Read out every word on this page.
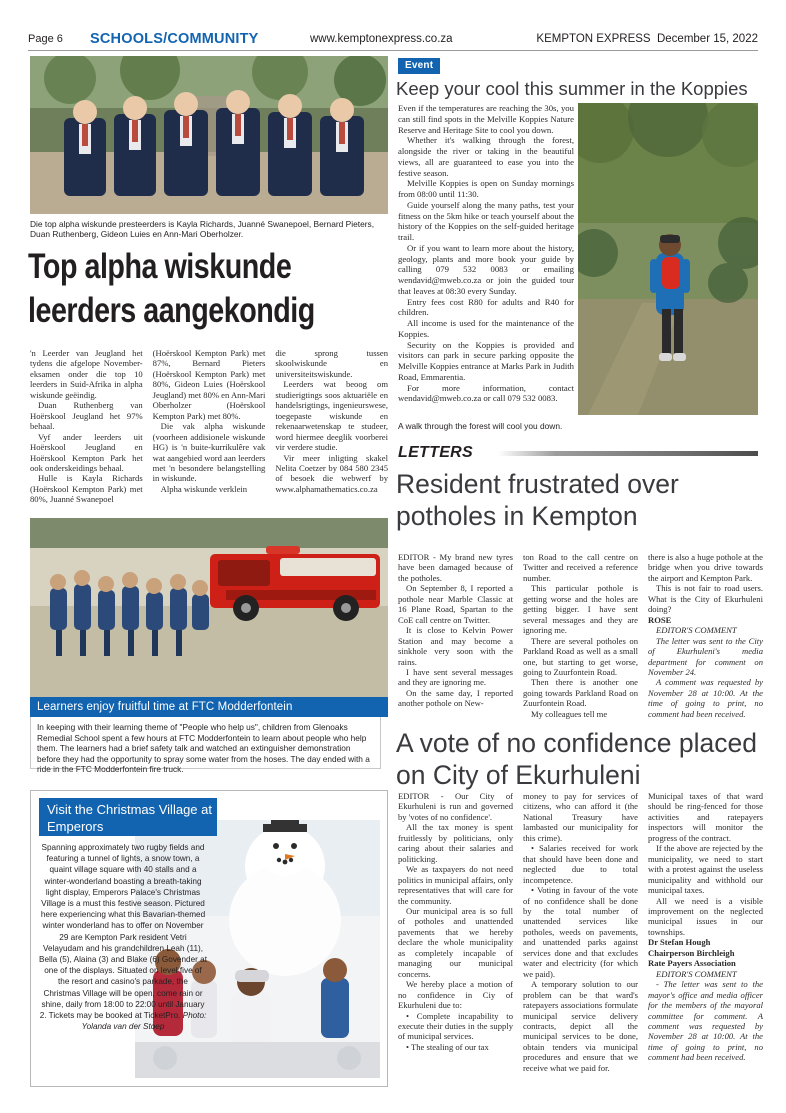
Page 6	SCHOOLS/COMMUNITY	www.kemptonexpress.co.za	KEMPTON EXPRESS December 15, 2022
Die top alpha wiskunde presteerders is Kayla Richards, Juanné Swanepoel, Bernard Pieters, Duan Ruthenberg, Gideon Luies en Ann-Mari Oberholzer.
Top alpha wiskunde leerders aangekondig

'n Leerder van Jeugland het tydens die afgelope November-eksamen onder die top 10 leerders in Suid-Afrika in alpha wiskunde geëindig.

Duan Ruthenberg van Hoërskool Jeugland het 97% behaal.

Vyf ander leerders uit Hoërskool Jeugland en Hoërskool Kempton Park het ook onderskeidings behaal.

Hulle is Kayla Richards (Hoërskool Kempton Park) met 80%, Juanné Swanepoel

(Hoërskool Kempton Park) met 87%, Bernard Pieters (Hoërskool Kempton Park) met 80%, Gideon Luies (Hoërskool Jeugland) met 80% en Ann-Mari Oberholzer (Hoërskool Kempton Park) met 80%.

Die vak alpha wiskunde (voorheen addisionele wiskunde HG) is 'n buite-kurrikulêre vak wat aangebied word aan leerders met 'n besondere belangstelling in wiskunde.

Alpha wiskunde verklein

die sprong tussen skoolwiskunde en universiteitswiskunde.

Leerders wat beoog om studierigtings soos aktuariële en handelsrigtings, ingenieurswese, toegepaste wiskunde en rekenaarwetenskap te studeer, word hiermee deeglik voorberei vir verdere studie.

Vir meer inligting skakel Nelita Coetzer by 084 580 2345 of besoek die webwerf by www.alphamathematics.co.za

Learners enjoy fruitful time at FTC Modderfontein
In keeping with their learning theme of "People who help us", children from Glenoaks Remedial School spent a few hours at FTC Modderfontein to learn about people who help them. The learners had a brief safety talk and watched an extinguisher demonstration before they had the opportunity to spray some water from the hoses. The day ended with a ride in the FTC Modderfontein fire truck.
Visit the Christmas Village at Emperors
Spanning approximately two rugby fields and featuring a tunnel of lights, a snow town, a quaint village square with 40 stalls and a winter-wonderland boasting a breath-taking light display, Emperors Palace's Christmas Village is a must this festive season. Pictured here experiencing what this Bavarian-themed winter wonderland has to offer on November 29 are Kempton Park resident Vetri Velayudam and his grandchildren Leah (11), Bella (5), Alaina (3) and Blake (6) Govender at one of the displays. Situated on level five of the resort and casino's parkade, the Christmas Village will be open, come rain or shine, daily from 18:00 to 22:00 until January 2. Tickets may be booked at TicketPro. Photo: Yolanda van der Stoep
Event
Keep your cool this summer in the Koppies

Even if the temperatures are reaching the 30s, you can still find spots in the Melville Koppies Nature Reserve and Heritage Site to cool you down.

Whether it's walking through the forest, alongside the river or taking in the beautiful views, all are guaranteed to ease you into the festive season.

Melville Koppies is open on Sunday mornings from 08:00 until 11:30.

Guide yourself along the many paths, test your fitness on the 5km hike or teach yourself about the history of the Koppies on the self-guided heritage trail.

Or if you want to learn more about the history, geology, plants and more book your guide by calling 079 532 0083 or emailing wendavid@mweb.co.za or join the guided tour that leaves at 08:30 every Sunday.

Entry fees cost R80 for adults and R40 for children.

All income is used for the maintenance of the Koppies.

Security on the Koppies is provided and visitors can park in secure parking opposite the Melville Koppies entrance at Marks Park in Judith Road, Emmarentia.

For more information, contact wendavid@mweb.co.za or call 079 532 0083.

A walk through the forest will cool you down.
LETTERS
Resident frustrated over potholes in Kempton

EDITOR - My brand new tyres have been damaged because of the potholes.

On September 8, I reported a pothole near Marble Classic at 16 Plane Road, Spartan to the CoE call centre on Twitter.

It is close to Kelvin Power Station and may become a sinkhole very soon with the rains.

I have sent several messages and they are ignoring me.

On the same day, I reported another pothole on New-

ton Road to the call centre on Twitter and received a reference number.

This particular pothole is getting worse and the holes are getting bigger. I have sent several messages and they are ignoring me.

There are several potholes on Parkland Road as well as a small one, but starting to get worse, going to Zuurfontein Road.

Then there is another one going towards Parkland Road on Zuurfontein Road.

My colleagues tell me

there is also a huge pothole at the bridge when you drive towards the airport and Kempton Park.

This is not fair to road users. What is the City of Ekurhuleni doing?

ROSE

EDITOR'S COMMENT

The letter was sent to the City of Ekurhuleni's media department for comment on November 24.

A comment was requested by November 28 at 10:00. At the time of going to print, no comment had been received.

A vote of no confidence placed on City of Ekurhuleni

EDITOR - Our City of Ekurhuleni is run and governed by 'votes of no confidence'.

All the tax money is spent fruitlessly by politicians, only caring about their salaries and politicking.

We as taxpayers do not need politics in municipal affairs, only representatives that will care for the community.

Our municipal area is so full of potholes and unattended pavements that we hereby declare the whole municipality as completely incapable of managing our municipal concerns.

We hereby place a motion of no confidence in Ciy of Ekurhuleni due to:

• Complete incapability to execute their duties in the supply of municipal services.

• The stealing of our tax

money to pay for services of citizens, who can afford it (the National Treasury have lambasted our municipality for this crime).

• Salaries received for work that should have been done and neglected due to total incompetence.

• Voting in favour of the vote of no confidence shall be done by the total number of unattended services like potholes, weeds on pavements, and unattended parks against services done and that excludes water and electricity (for which we paid).

A temporary solution to our problem can be that ward's ratepayers associations formulate municipal service delivery contracts, depict all the municipal services to be done, obtain tenders via municipal procedures and ensure that we receive what we paid for.

Municipal taxes of that ward should be ring-fenced for those activities and ratepayers inspectors will monitor the progress of the contract.

If the above are rejected by the municipality, we need to start with a protest against the useless municipality and withhold our municipal taxes.

All we need is a visible improvement on the neglected municipal issues in our townships.

Dr Stefan Hough

Chairperson Birchleigh

Rate Payers Association

EDITOR'S COMMENT

- The letter was sent to the mayor's office and media officer for the members of the mayoral committee for comment. A comment was requested by November 28 at 10:00. At the time of going to print, no comment had been received.
